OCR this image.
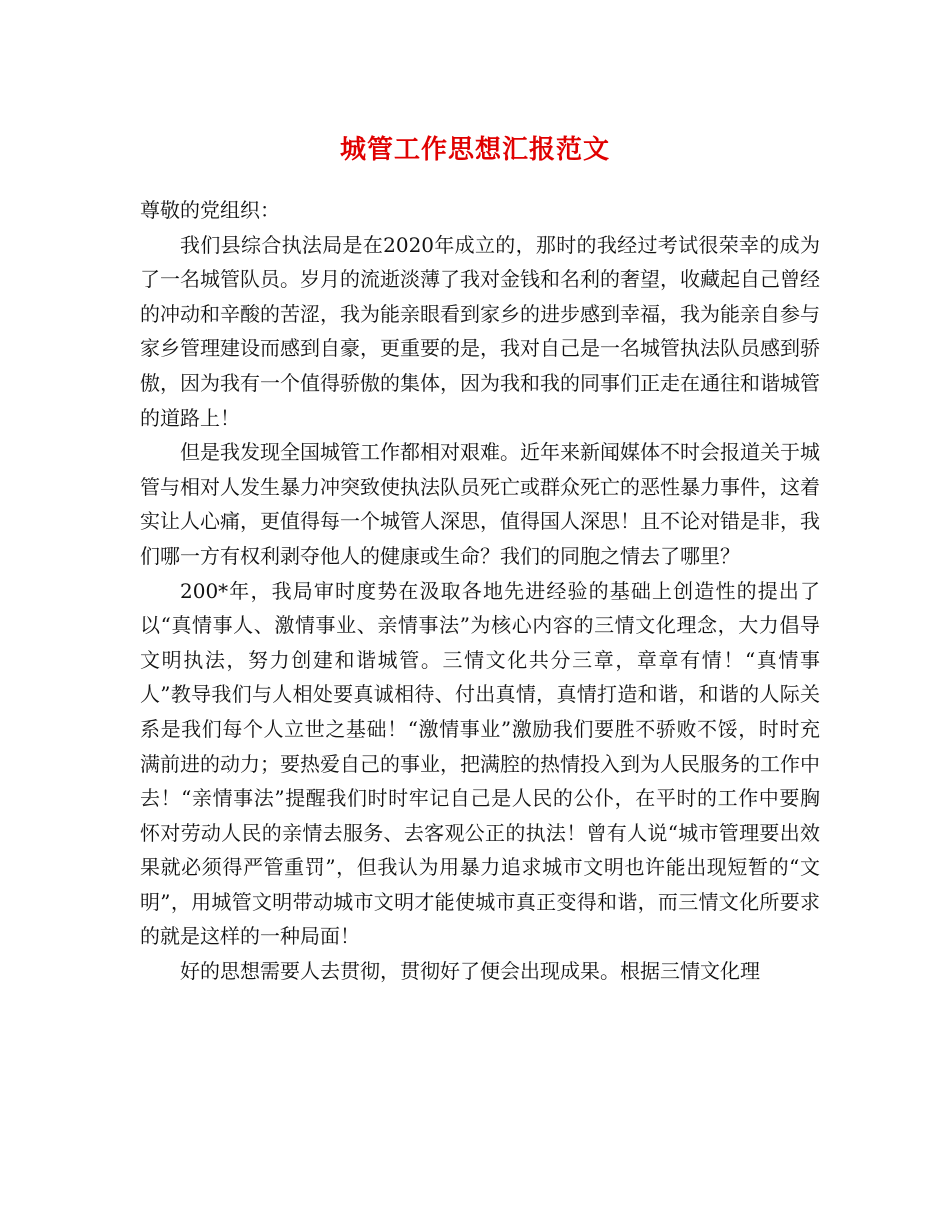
城管工作思想汇报范文

尊敬的党组织：

我们县综合执法局是在2020年成立的，那时的我经过考试很荣幸的成为了一名城管队员。岁月的流逝淡薄了我对金钱和名利的奢望，收藏起自己曾经的冲动和辛酸的苦涩，我为能亲眼看到家乡的进步感到幸福，我为能亲自参与家乡管理建设而感到自豪，更重要的是，我对自己是一名城管执法队员感到骄傲，因为我有一个值得骄傲的集体，因为我和我的同事们正走在通往和谐城管的道路上！

但是我发现全国城管工作都相对艰难。近年来新闻媒体不时会报道关于城管与相对人发生暴力冲突致使执法队员死亡或群众死亡的恶性暴力事件，这着实让人心痛，更值得每一个城管人深思，值得国人深思！且不论对错是非，我们哪一方有权利剥夺他人的健康或生命？我们的同胞之情去了哪里？

200*年，我局审时度势在汲取各地先进经验的基础上创造性的提出了以“真情事人、激情事业、亲情事法”为核心内容的三情文化理念，大力倡导文明执法，努力创建和谐城管。三情文化共分三章，章章有情！“真情事人”教导我们与人相处要真诚相待、付出真情，真情打造和谐，和谐的人际关系是我们每个人立世之基础！“激情事业”激励我们要胜不骄败不馁，时时充满前进的动力；要热爱自己的事业，把满腔的热情投入到为人民服务的工作中去！“亲情事法”提醒我们时时牢记自己是人民的公仆，在平时的工作中要胸怀对劳动人民的亲情去服务、去客观公正的执法！曾有人说“城市管理要出效果就必须得严管重罚”，但我认为用暴力追求城市文明也许能出现短暂的“文明”，用城管文明带动城市文明才能使城市真正变得和谐，而三情文化所要求的就是这样的一种局面！

好的思想需要人去贯彻，贯彻好了便会出现成果。根据三情文化理
